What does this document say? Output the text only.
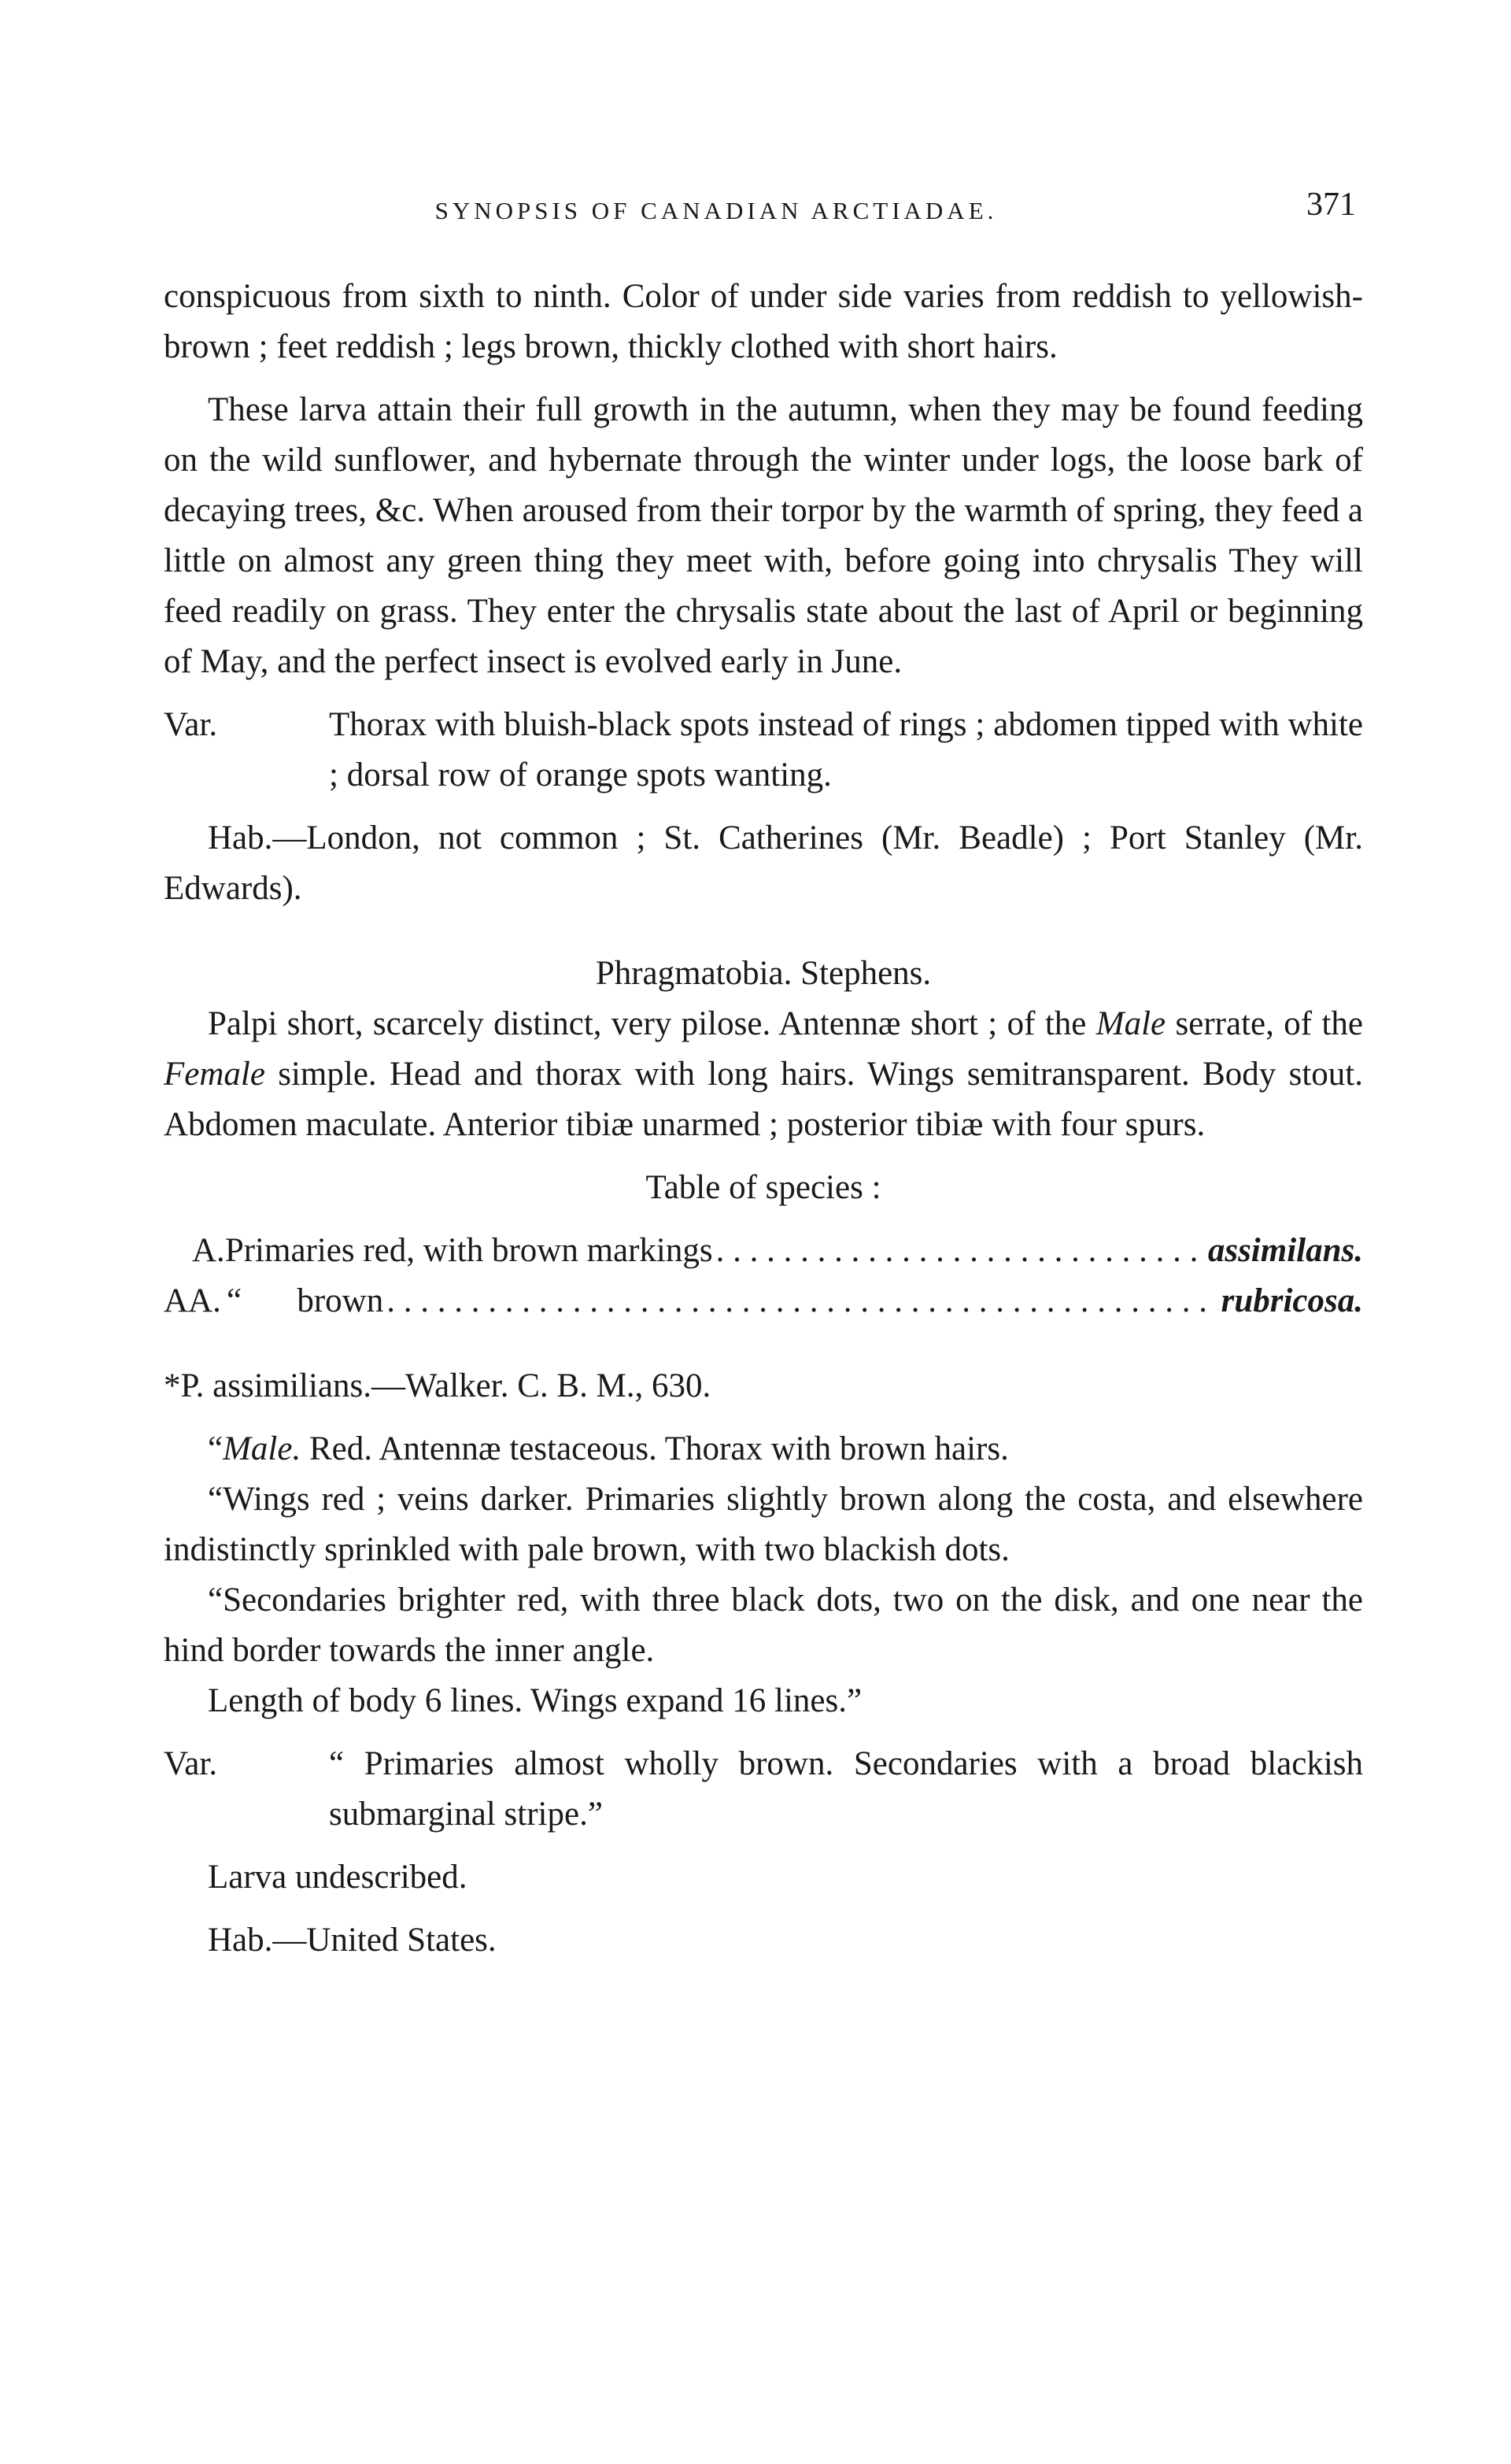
SYNOPSIS OF CANADIAN ARCTIADAE.	371

conspicuous from sixth to ninth. Color of under side varies from reddish to yellowish-brown ; feet reddish ; legs brown, thickly clothed with short hairs.

These larva attain their full growth in the autumn, when they may be found feeding on the wild sunflower, and hybernate through the winter under logs, the loose bark of decaying trees, &c. When aroused from their torpor by the warmth of spring, they feed a little on almost any green thing they meet with, before going into chrysalis They will feed readily on grass. They enter the chrysalis state about the last of April or beginning of May, and the perfect insect is evolved early in June.

Var.	Thorax with bluish-black spots instead of rings ; abdomen tipped with white ; dorsal row of orange spots wanting.

Hab.—London, not common ; St. Catherines (Mr. Beadle) ; Port Stanley (Mr. Edwards).

Phragmatobia. Stephens.

Palpi short, scarcely distinct, very pilose. Antennæ short ; of the Male serrate, of the Female simple. Head and thorax with long hairs. Wings semitransparent. Body stout. Abdomen maculate. Anterior tibiæ unarmed ; posterior tibiæ with four spurs.

Table of species :

A. Primaries red, with brown markings . . .	assimilans.
AA. “	brown . . .	rubricosa.

*P. assimilians.—Walker. C. B. M., 630.

“Male. Red. Antennæ testaceous. Thorax with brown hairs.

“Wings red ; veins darker. Primaries slightly brown along the costa, and elsewhere indistinctly sprinkled with pale brown, with two blackish dots.

“Secondaries brighter red, with three black dots, two on the disk, and one near the hind border towards the inner angle.

Length of body 6 lines. Wings expand 16 lines.”

Var.	“ Primaries almost wholly brown. Secondaries with a broad blackish submarginal stripe.”

Larva undescribed.

Hab.—United States.
